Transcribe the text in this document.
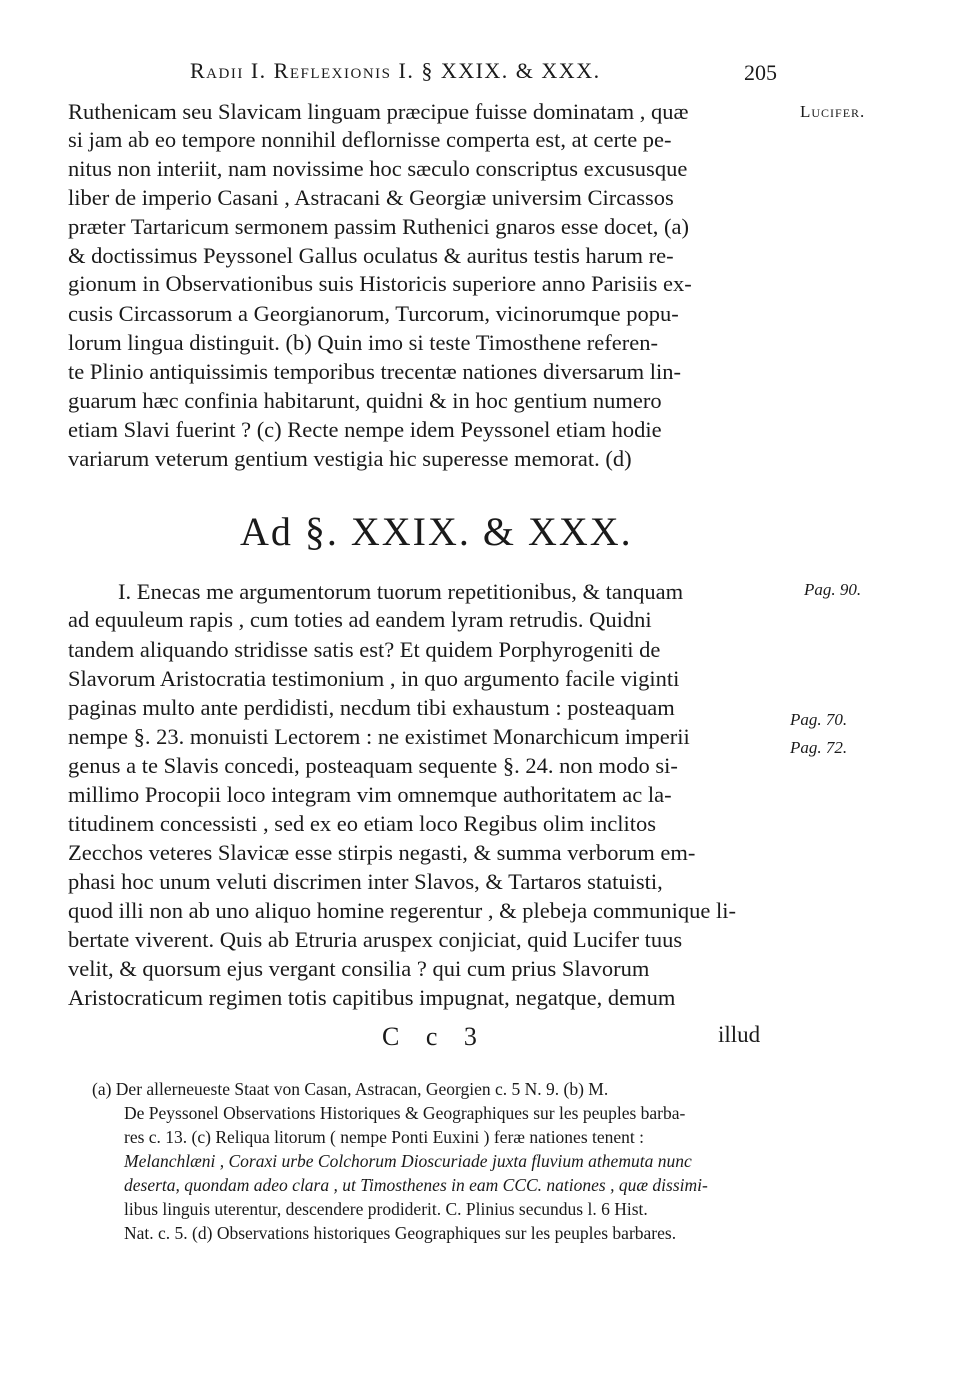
Radii I. Reflexionis I. § XXIX. & XXX.	205
Lucifer.
Ruthenicam seu Slavicam linguam præcipue fuisse dominatam , quæ
si jam ab eo tempore nonnihil deflornisse comperta est, at certe pe-
nitus non interiit, nam novissime hoc sæculo conscriptus excususque
liber de imperio Casani , Astracani & Georgiæ universim Circassos
præter Tartaricum sermonem passim Ruthenici gnaros esse docet, (a)
& doctissimus Peyssonel Gallus oculatus & auritus testis harum re-
gionum in Observationibus suis Historicis superiore anno Parisiis ex-
cusis Circassorum a Georgianorum, Turcorum, vicinorumque popu-
lorum lingua distinguit. (b) Quin imo si teste Timosthene referen-
te Plinio antiquissimis temporibus trecentæ nationes diversarum lin-
guarum hæc confinia habitarunt, quidni & in hoc gentium numero
etiam Slavi fuerint ? (c) Recte nempe idem Peyssonel etiam hodie
variarum veterum gentium vestigia hic superesse memorat. (d)
Ad §. XXIX. & XXX.
Pag. 90.
Pag. 70.
Pag. 72.
I. Enecas me argumentorum tuorum repetitionibus, & tanquam
ad equuleum rapis , cum toties ad eandem lyram retrudis. Quidni
tandem aliquando stridisse satis est? Et quidem Porphyrogeniti de
Slavorum Aristocratia testimonium , in quo argumento facile viginti
paginas multo ante perdidisti, necdum tibi exhaustum : posteaquam
nempe §. 23. monuisti Lectorem : ne existimet Monarchicum imperii
genus a te Slavis concedi, posteaquam sequente §. 24. non modo si-
millimo Procopii loco integram vim omnemque authoritatem ac la-
titudinem concessisti , sed ex eo etiam loco Regibus olim inclitos
Zecchos veteres Slavicæ esse stirpis negasti, & summa verborum em-
phasi hoc unum veluti discrimen inter Slavos, & Tartaros statuisti,
quod illi non ab uno aliquo homine regerentur , & plebeja communique li-
bertate viverent. Quis ab Etruria aruspex conjiciat, quid Lucifer tuus
velit, & quorsum ejus vergant consilia ? qui cum prius Slavorum
Aristocraticum regimen totis capitibus impugnat, negatque, demum
C c 3	illud
(a) Der allerneueste Staat von Casan, Astracan, Georgien c. 5 N. 9. (b) M.
De Peyssonel Observations Historiques & Geographiques sur les peuples barba-
res c. 13. (c) Reliqua litorum ( nempe Ponti Euxini ) feræ nationes tenent :
Melanchlæni , Coraxi urbe Colchorum Dioscuriade juxta fluvium athemuta nunc
deserta, quondam adeo clara , ut Timosthenes in eam CCC. nationes , quæ dissimi-
libus linguis uterentur, descendere prodiderit. C. Plinius secundus l. 6 Hist.
Nat. c. 5. (d) Observations historiques Geographiques sur les peuples barbares.
